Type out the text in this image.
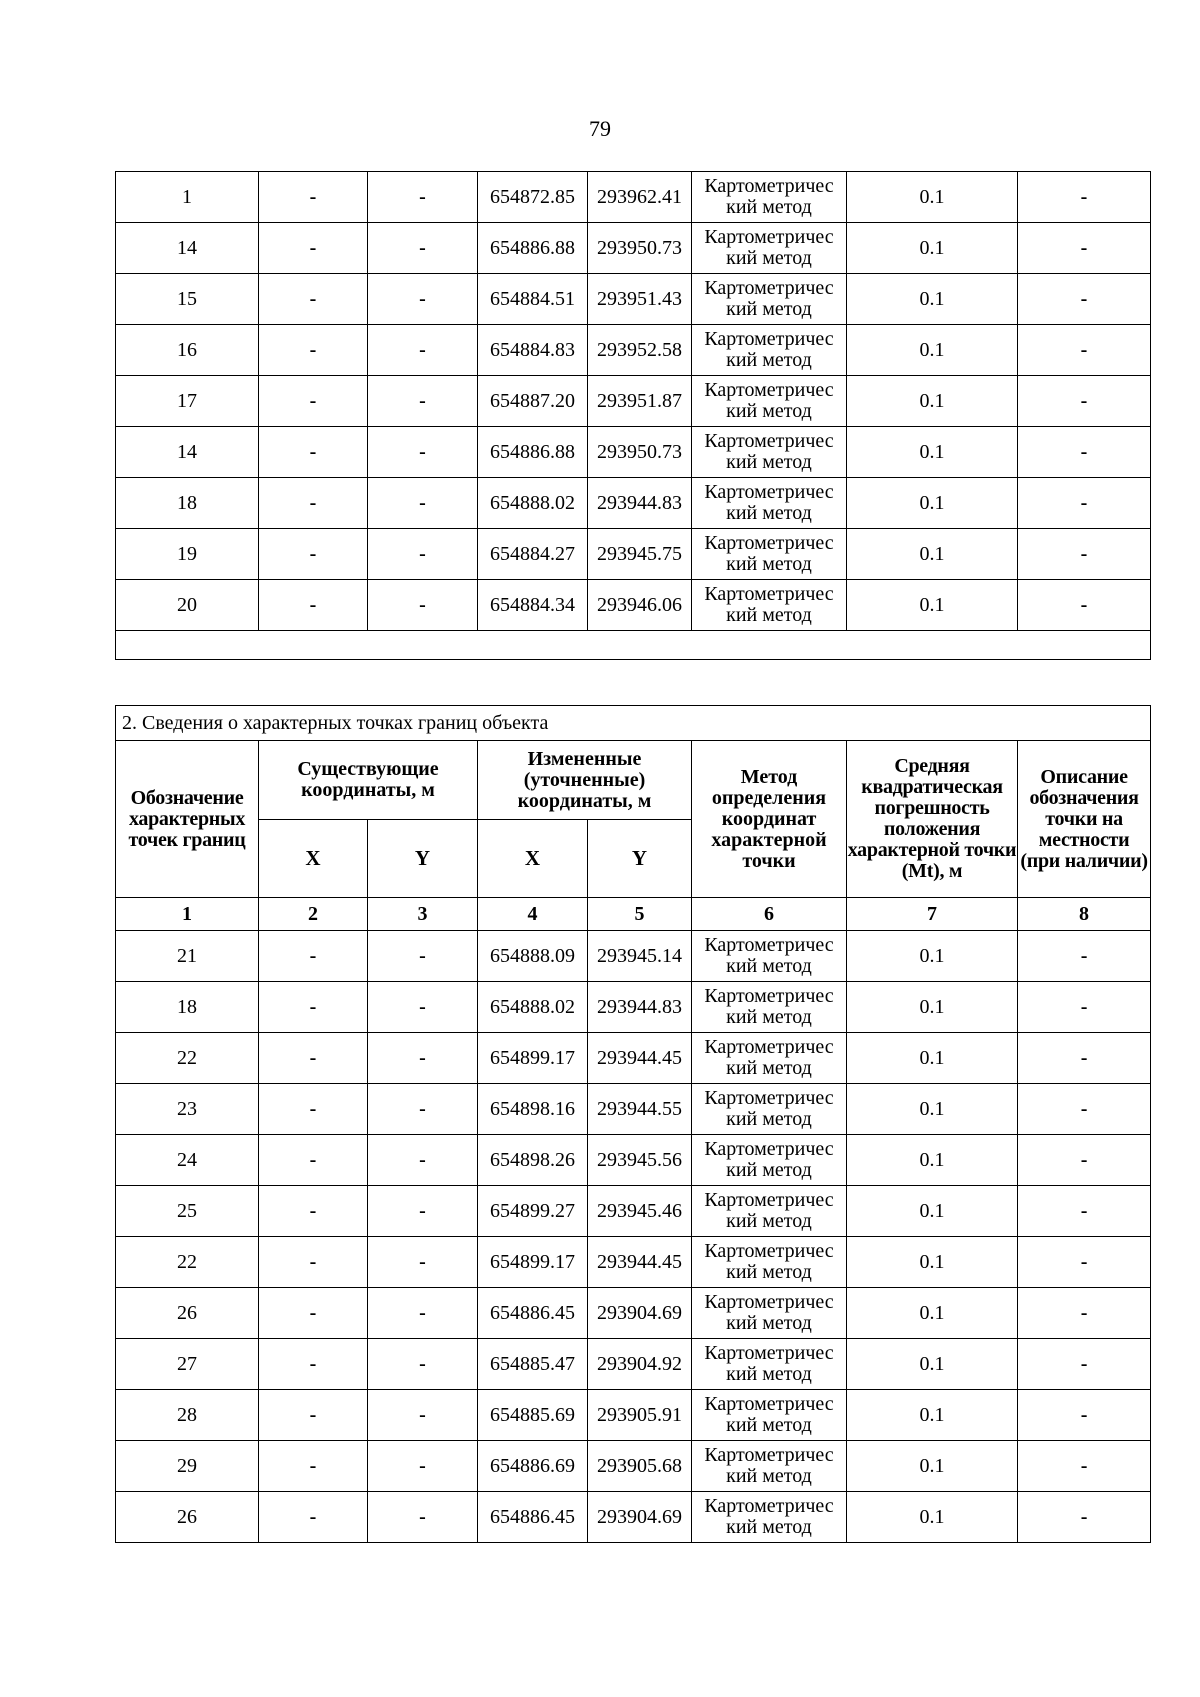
79
1	-	-	654872.85	293962.41	Картометричес кий метод	0.1	-
14	-	-	654886.88	293950.73	Картометричес кий метод	0.1	-
15	-	-	654884.51	293951.43	Картометричес кий метод	0.1	-
16	-	-	654884.83	293952.58	Картометричес кий метод	0.1	-
17	-	-	654887.20	293951.87	Картометричес кий метод	0.1	-
14	-	-	654886.88	293950.73	Картометричес кий метод	0.1	-
18	-	-	654888.02	293944.83	Картометричес кий метод	0.1	-
19	-	-	654884.27	293945.75	Картометричес кий метод	0.1	-
20	-	-	654884.34	293946.06	Картометричес кий метод	0.1	-

2. Сведения о характерных точках границ объекта							
Обозначение характерных точек границ	Существующие координаты, м		Измененные (уточненные) координаты, м		Метод определения координат характерной точки	Средняя квадратическая погрешность положения характерной точки (Mt), м	Описание обозначения точки на местности (при наличии)
	X	Y	X	Y			
1	2	3	4	5	6	7	8
21	-	-	654888.09	293945.14	Картометричес кий метод	0.1	-
18	-	-	654888.02	293944.83	Картометричес кий метод	0.1	-
22	-	-	654899.17	293944.45	Картометричес кий метод	0.1	-
23	-	-	654898.16	293944.55	Картометричес кий метод	0.1	-
24	-	-	654898.26	293945.56	Картометричес кий метод	0.1	-
25	-	-	654899.27	293945.46	Картометричес кий метод	0.1	-
22	-	-	654899.17	293944.45	Картометричес кий метод	0.1	-
26	-	-	654886.45	293904.69	Картометричес кий метод	0.1	-
27	-	-	654885.47	293904.92	Картометричес кий метод	0.1	-
28	-	-	654885.69	293905.91	Картометричес кий метод	0.1	-
29	-	-	654886.69	293905.68	Картометричес кий метод	0.1	-
26	-	-	654886.45	293904.69	Картометричес кий метод	0.1	-
